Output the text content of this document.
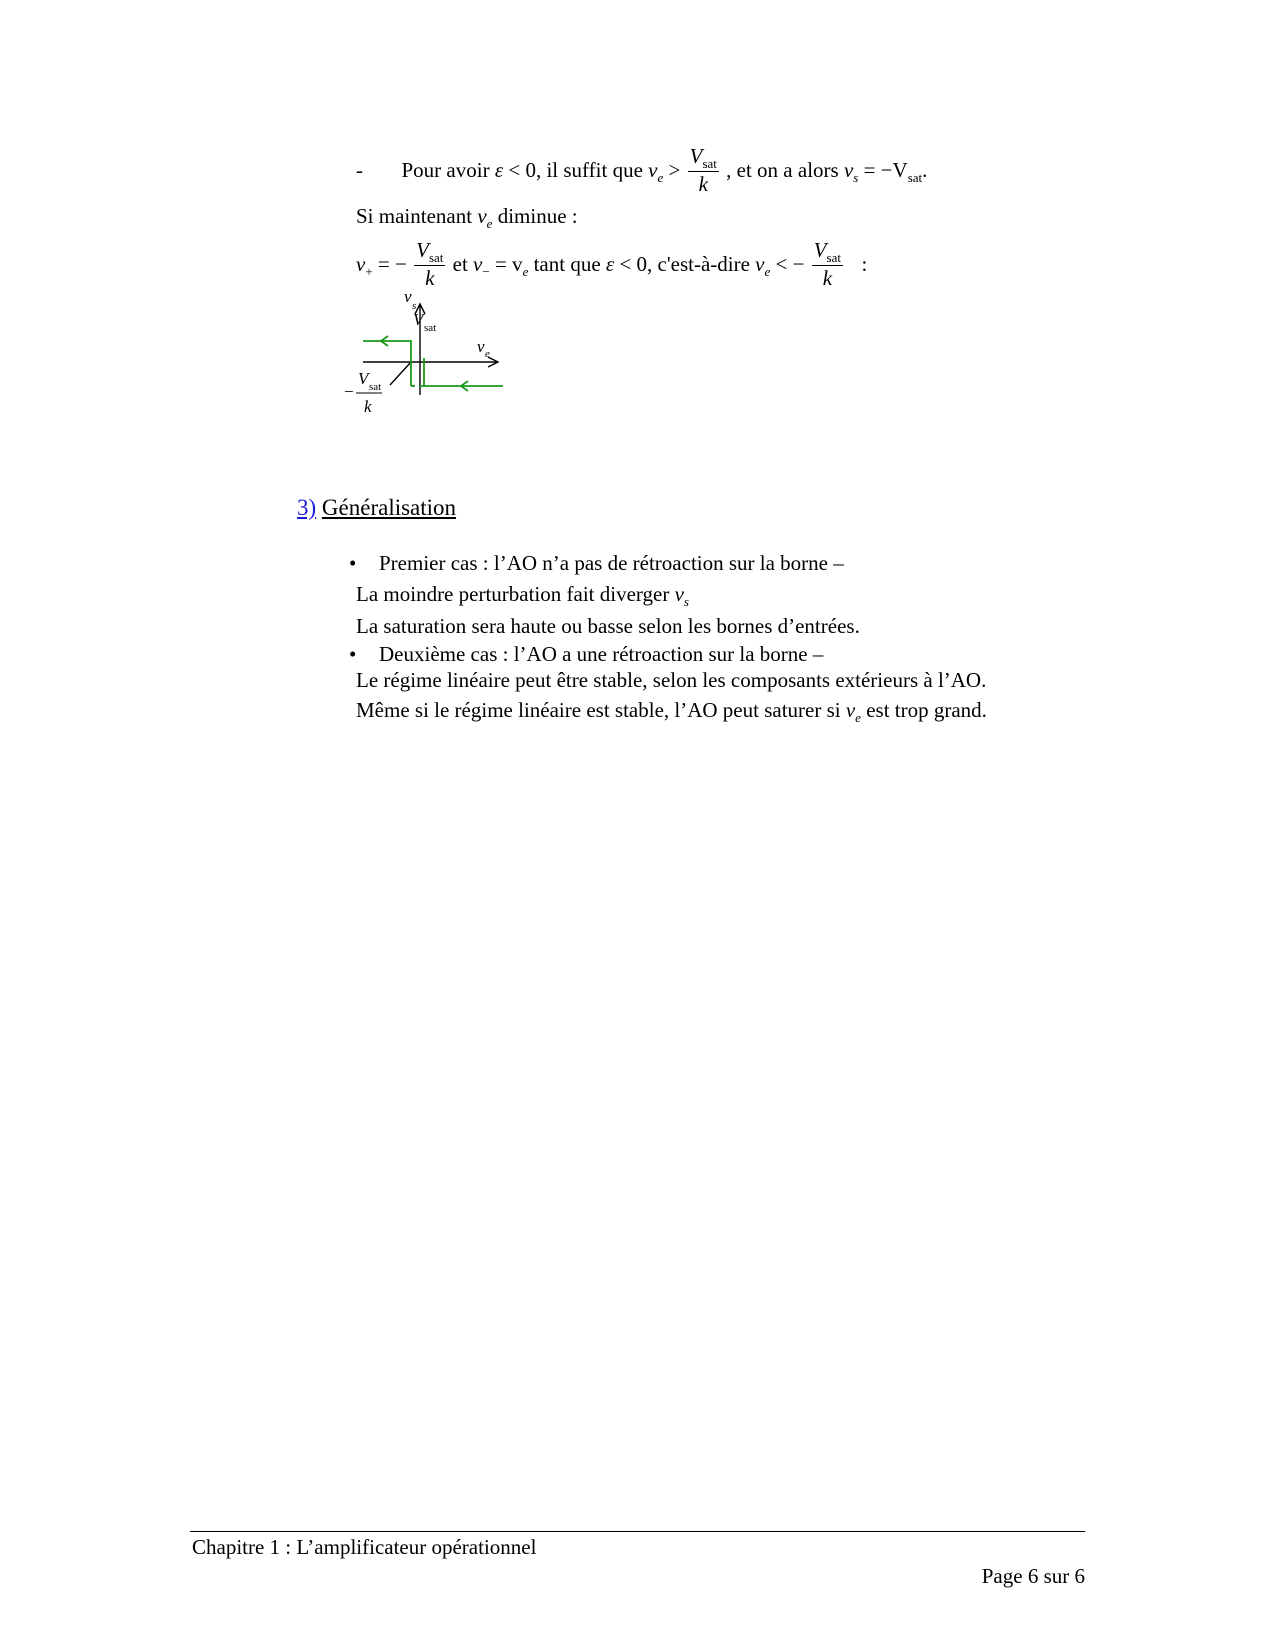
- Pour avoir ε < 0, il suffit que $v_e > \frac{V_{sat}}{k}$ , et on a alors $v_s = -V_{sat}$.
Si maintenant $v_e$ diminue :
$v_+$ = − $\frac{V_{sat}}{k}$ et $v_- = v_e$ tant que ε < 0, c'est-à-dire $v_e$ < − $\frac{V_{sat}}{k}$ :
v s
V sat
v e
−
V sat
k
3) Généralisation
• Premier cas : l’AO n’a pas de rétroaction sur la borne –
La moindre perturbation fait diverger $v_s$
La saturation sera haute ou basse selon les bornes d’entrées.
• Deuxième cas : l’AO a une rétroaction sur la borne –
Le régime linéaire peut être stable, selon les composants extérieurs à l’AO.
Même si le régime linéaire est stable, l’AO peut saturer si $v_e$ est trop grand.
Chapitre 1 : L’amplificateur opérationnel
Page 6 sur 6
